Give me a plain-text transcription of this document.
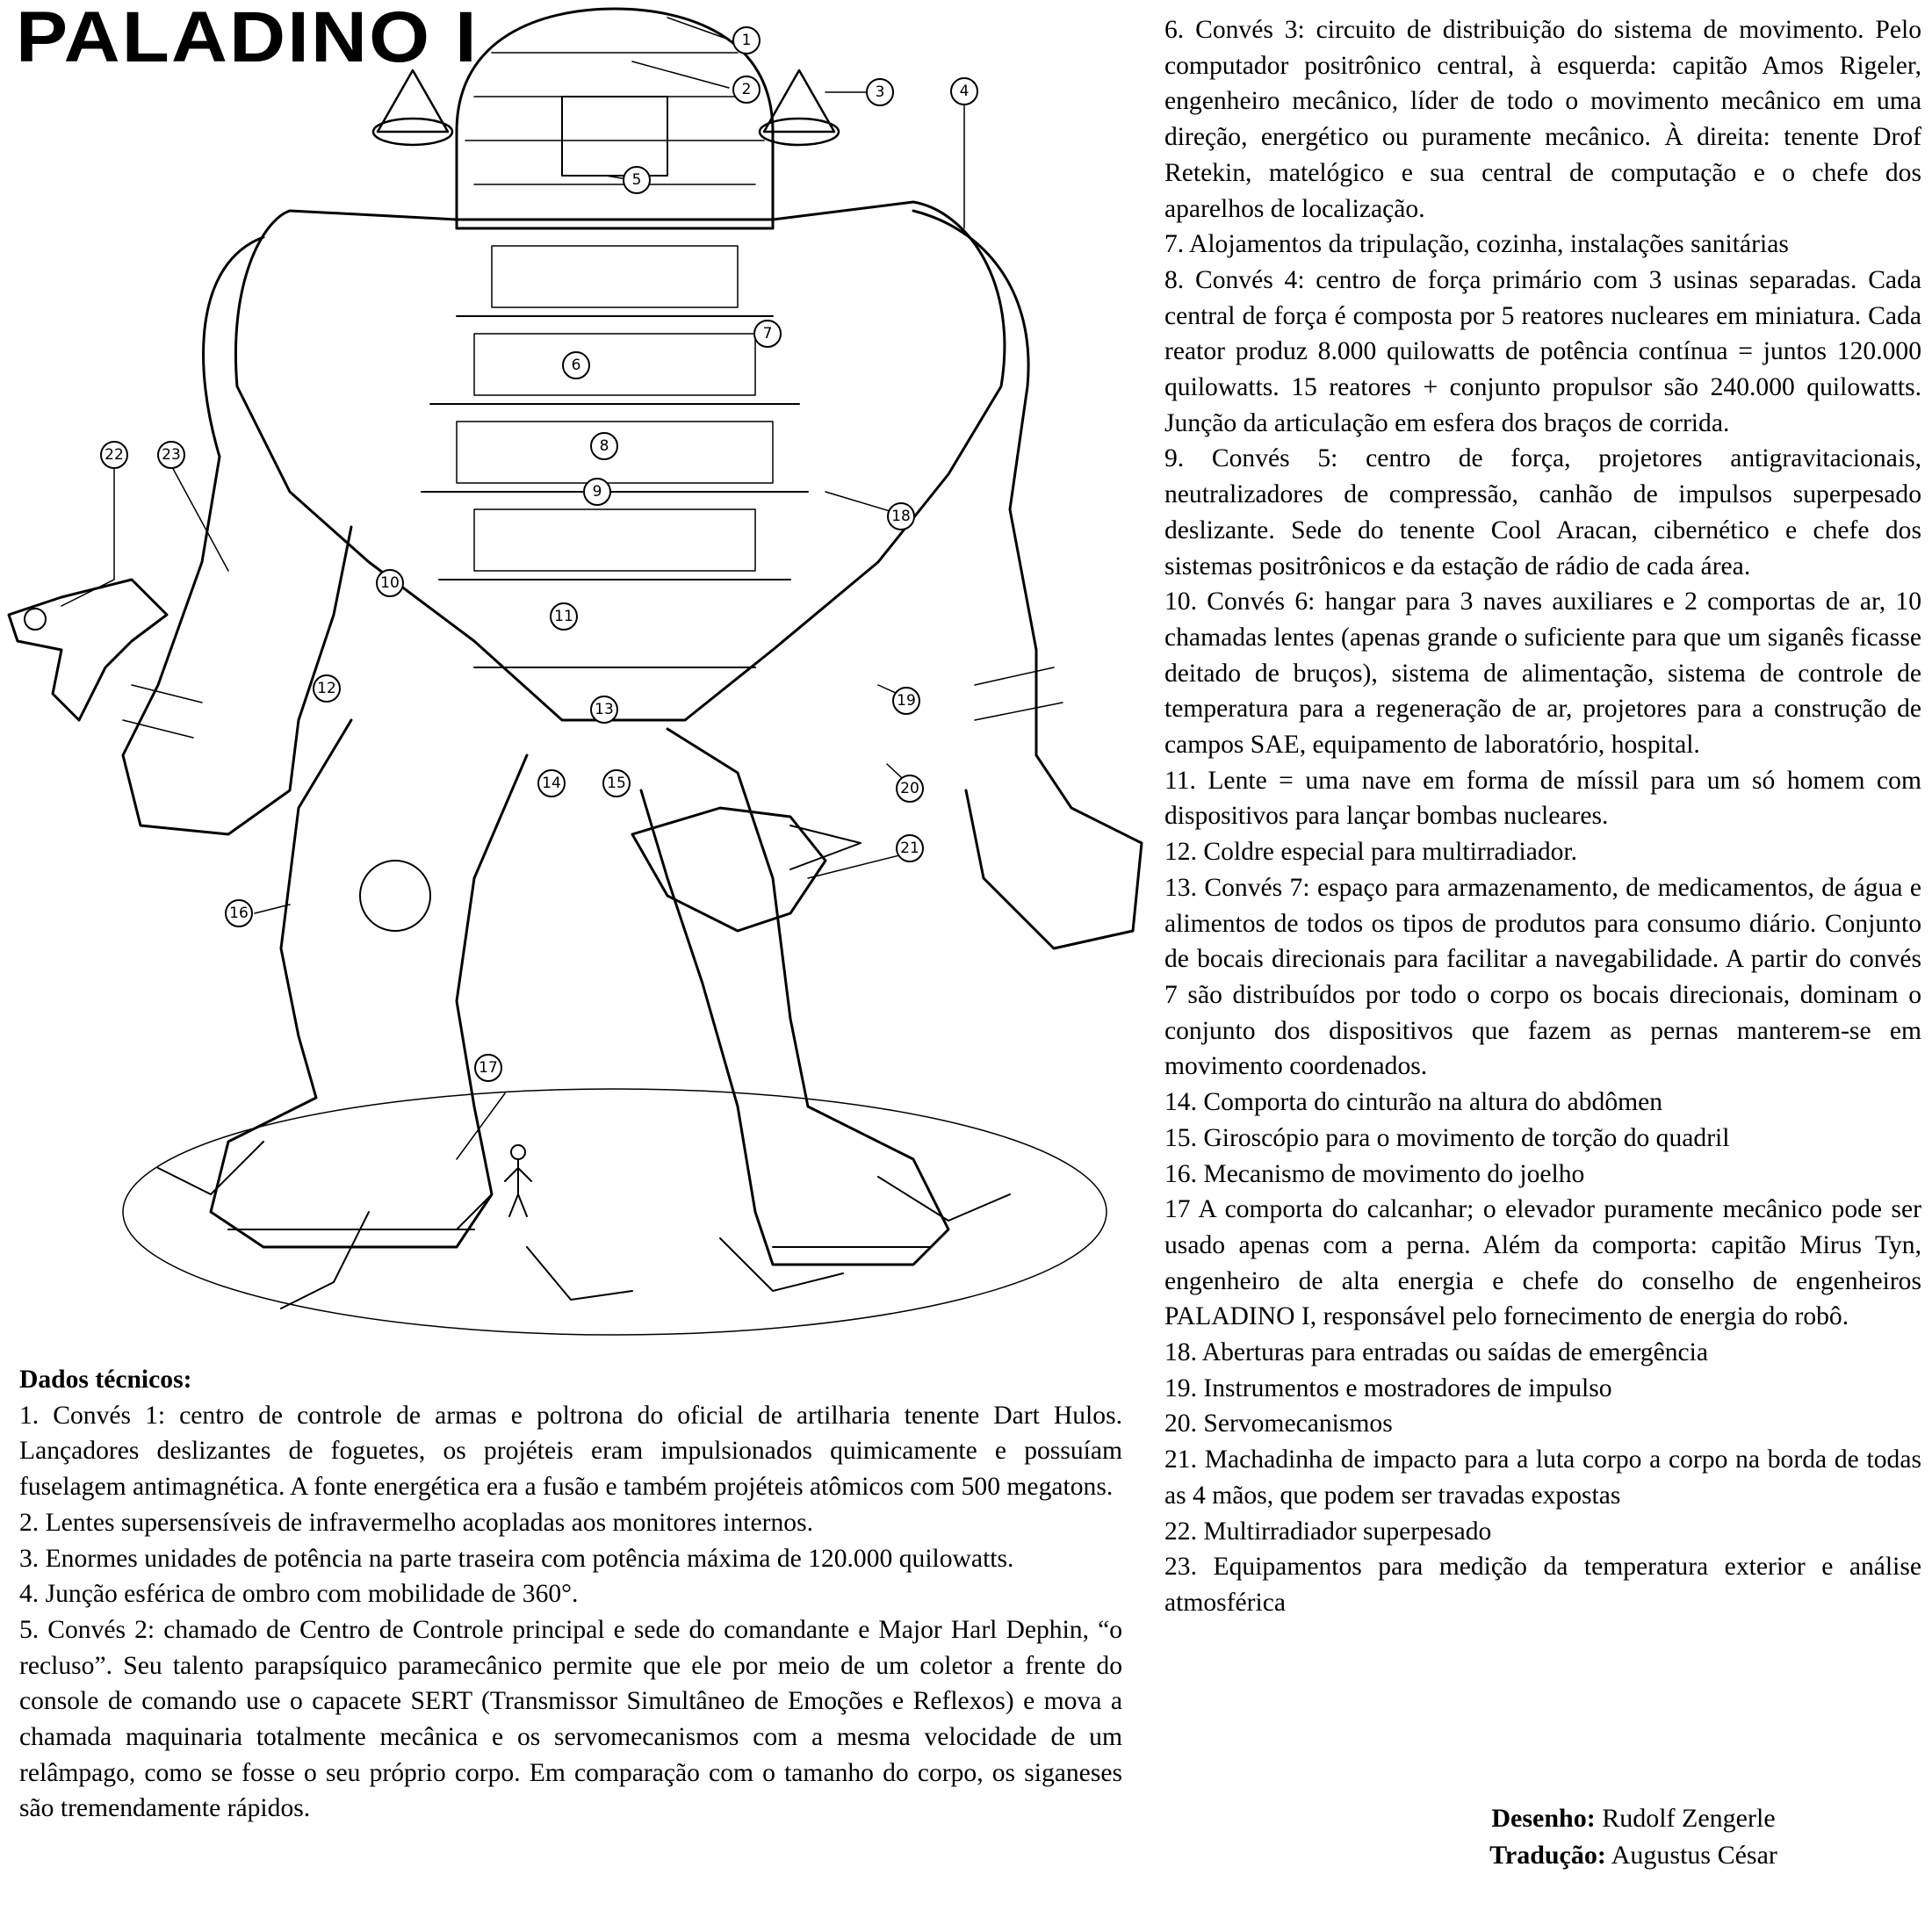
PALADINO I	1
2	3	4
5
6
7
8
9
10
11
12
13
14	15
16
17
18
19
20
21
22	23

6. Convés 3: circuito de distribuição do sistema de movimento. Pelo computador positrônico central, à esquerda: capitão Amos Rigeler, engenheiro mecânico, líder de todo o movimento mecânico em uma direção, energético ou puramente mecânico. À direita: tenente Drof Retekin, matelógico e sua central de computação e o chefe dos aparelhos de localização.

7. Alojamentos da tripulação, cozinha, instalações sanitárias

8. Convés 4: centro de força primário com 3 usinas separadas. Cada central de força é composta por 5 reatores nucleares em miniatura. Cada reator produz 8.000 quilowatts de potência contínua = juntos 120.000 quilowatts. 15 reatores + conjunto propulsor são 240.000 quilowatts. Junção da articulação em esfera dos braços de corrida.

9. Convés 5: centro de força, projetores antigravitacionais, neutralizadores de compressão, canhão de impulsos superpesado deslizante. Sede do tenente Cool Aracan, cibernético e chefe dos sistemas positrônicos e da estação de rádio de cada área.

10. Convés 6: hangar para 3 naves auxiliares e 2 comportas de ar, 10 chamadas lentes (apenas grande o suficiente para que um siganês ficasse deitado de bruços), sistema de alimentação, sistema de controle de temperatura para a regeneração de ar, projetores para a construção de campos SAE, equipamento de laboratório, hospital.

11. Lente = uma nave em forma de míssil para um só homem com dispositivos para lançar bombas nucleares.

12. Coldre especial para multirradiador.

13. Convés 7: espaço para armazenamento, de medicamentos, de água e alimentos de todos os tipos de produtos para consumo diário. Conjunto de bocais direcionais para facilitar a navegabilidade. A partir do convés 7 são distribuídos por todo o corpo os bocais direcionais, dominam o conjunto dos dispositivos que fazem as pernas manterem-se em movimento coordenados.

14. Comporta do cinturão na altura do abdômen

15. Giroscópio para o movimento de torção do quadril

16. Mecanismo de movimento do joelho

17 A comporta do calcanhar; o elevador puramente mecânico pode ser usado apenas com a perna. Além da comporta: capitão Mirus Tyn, engenheiro de alta energia e chefe do conselho de engenheiros PALADINO I, responsável pelo fornecimento de energia do robô.

18. Aberturas para entradas ou saídas de emergência

19. Instrumentos e mostradores de impulso

20. Servomecanismos

21. Machadinha de impacto para a luta corpo a corpo na borda de todas as 4 mãos, que podem ser travadas expostas

22. Multirradiador superpesado

23. Equipamentos para medição da temperatura exterior e análise atmosférica

Dados técnicos:

1. Convés 1: centro de controle de armas e poltrona do oficial de artilharia tenente Dart Hulos. Lançadores deslizantes de foguetes, os projéteis eram impulsionados quimicamente e possuíam fuselagem antimagnética. A fonte energética era a fusão e também projéteis atômicos com 500 megatons.

2. Lentes supersensíveis de infravermelho acopladas aos monitores internos.

3. Enormes unidades de potência na parte traseira com potência máxima de 120.000 quilowatts.

4. Junção esférica de ombro com mobilidade de 360°.

5. Convés 2: chamado de Centro de Controle principal e sede do comandante e Major Harl Dephin, “o recluso”. Seu talento parapsíquico paramecânico permite que ele por meio de um coletor a frente do console de comando use o capacete SERT (Transmissor Simultâneo de Emoções e Reflexos) e mova a chamada maquinaria totalmente mecânica e os servomecanismos com a mesma velocidade de um relâmpago, como se fosse o seu próprio corpo. Em comparação com o tamanho do corpo, os siganeses são tremendamente rápidos.	Desenho: Rudolf Zengerle
Tradução: Augustus César
